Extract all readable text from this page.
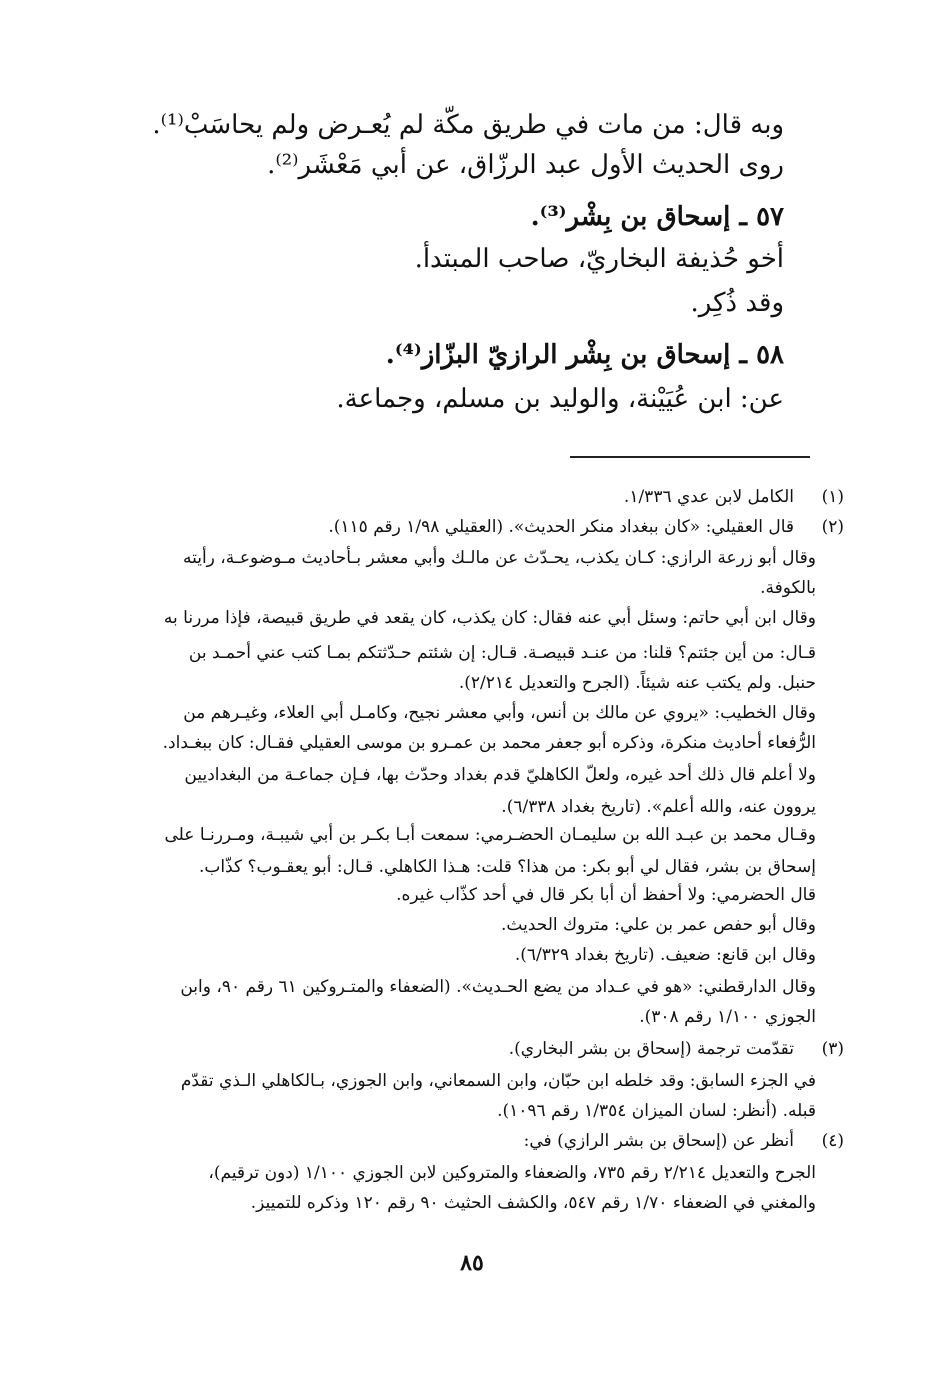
وبه قال: من مات في طريق مكّة لم يُعـرض ولم يحاسَبْ⁽¹⁾.
روى الحديث الأول عبد الرزّاق، عن أبي مَعْشَر⁽²⁾.
٥٧ ـ إسحاق بن بِشْر⁽³⁾.
أخو حُذيفة البخاريّ، صاحب المبتدأ.
وقد ذُكِر.
٥٨ ـ إسحاق بن بِشْر الرازيّ البزّاز⁽⁴⁾.
عن: ابن عُيَيْنة، والوليد بن مسلم، وجماعة.
(١)
الكامل لابن عدي ١/٣٣٦.
(٢)
قال العقيلي: «كان ببغداد منكر الحديث». (العقيلي ١/٩٨ رقم ١١٥).
وقال أبو زرعة الرازي: كـان يكذب، يحـدّث عن مالـك وأبي معشر بـأحاديث مـوضوعـة، رأيته
بالكوفة.
وقال ابن أبي حاتم: وسئل أبي عنه فقال: كان يكذب، كان يقعد في طريق قبيصة، فإذا مررنا به
قـال: من أين جئتم؟ قلنا: من عنـد قبيصـة. قـال: إن شئتم حـدّثتكم بمـا كتب عني أحمـد بن
حنبل. ولم يكتب عنه شيئاً. (الجرح والتعديل ٢/٢١٤).
وقال الخطيب: «يروي عن مالك بن أنس، وأبي معشر نجيح، وكامـل أبي العلاء، وغيـرهم من
الرُّفعاء أحاديث منكرة، وذكره أبو جعفر محمد بن عمـرو بن موسى العقيلي فقـال: كان ببغـداد.
ولا أعلم قال ذلك أحد غيره، ولعلّ الكاهليّ قدم بغداد وحدّث بها، فـإن جماعـة من البغداديين
يروون عنه، والله أعلم». (تاريخ بغداد ٦/٣٣٨).
وقـال محمد بن عبـد الله بن سليمـان الحضـرمي: سمعت أبـا بكـر بن أبي شيبـة، ومـررنـا على
إسحاق بن بشر، فقال لي أبو بكر: من هذا؟ قلت: هـذا الكاهلي. قـال: أبو يعقـوب؟ كذّاب.
قال الحضرمي: ولا أحفظ أن أبا بكر قال في أحد كذّاب غيره.
وقال أبو حفص عمر بن علي: متروك الحديث.
وقال ابن قانع: ضعيف. (تاريخ بغداد ٦/٣٢٩).
وقال الدارقطني: «هو في عـداد من يضع الحـديث». (الضعفاء والمتـروكين ٦١ رقم ٩٠، وابن
الجوزي ١/١٠٠ رقم ٣٠٨).
(٣)
تقدّمت ترجمة (إسحاق بن بشر البخاري).
في الجزء السابق: وقد خلطه ابن حبّان، وابن السمعاني، وابن الجوزي، بـالكاهلي الـذي تقدّم
قبله. (أنظر: لسان الميزان ١/٣٥٤ رقم ١٠٩٦).
(٤)
أنظر عن (إسحاق بن بشر الرازي) في:
الجرح والتعديل ٢/٢١٤ رقم ٧٣٥، والضعفاء والمتروكين لابن الجوزي ١/١٠٠ (دون ترقيم)،
والمغني في الضعفاء ١/٧٠ رقم ٥٤٧، والكشف الحثيث ٩٠ رقم ١٢٠ وذكره للتمييز.
٨٥
